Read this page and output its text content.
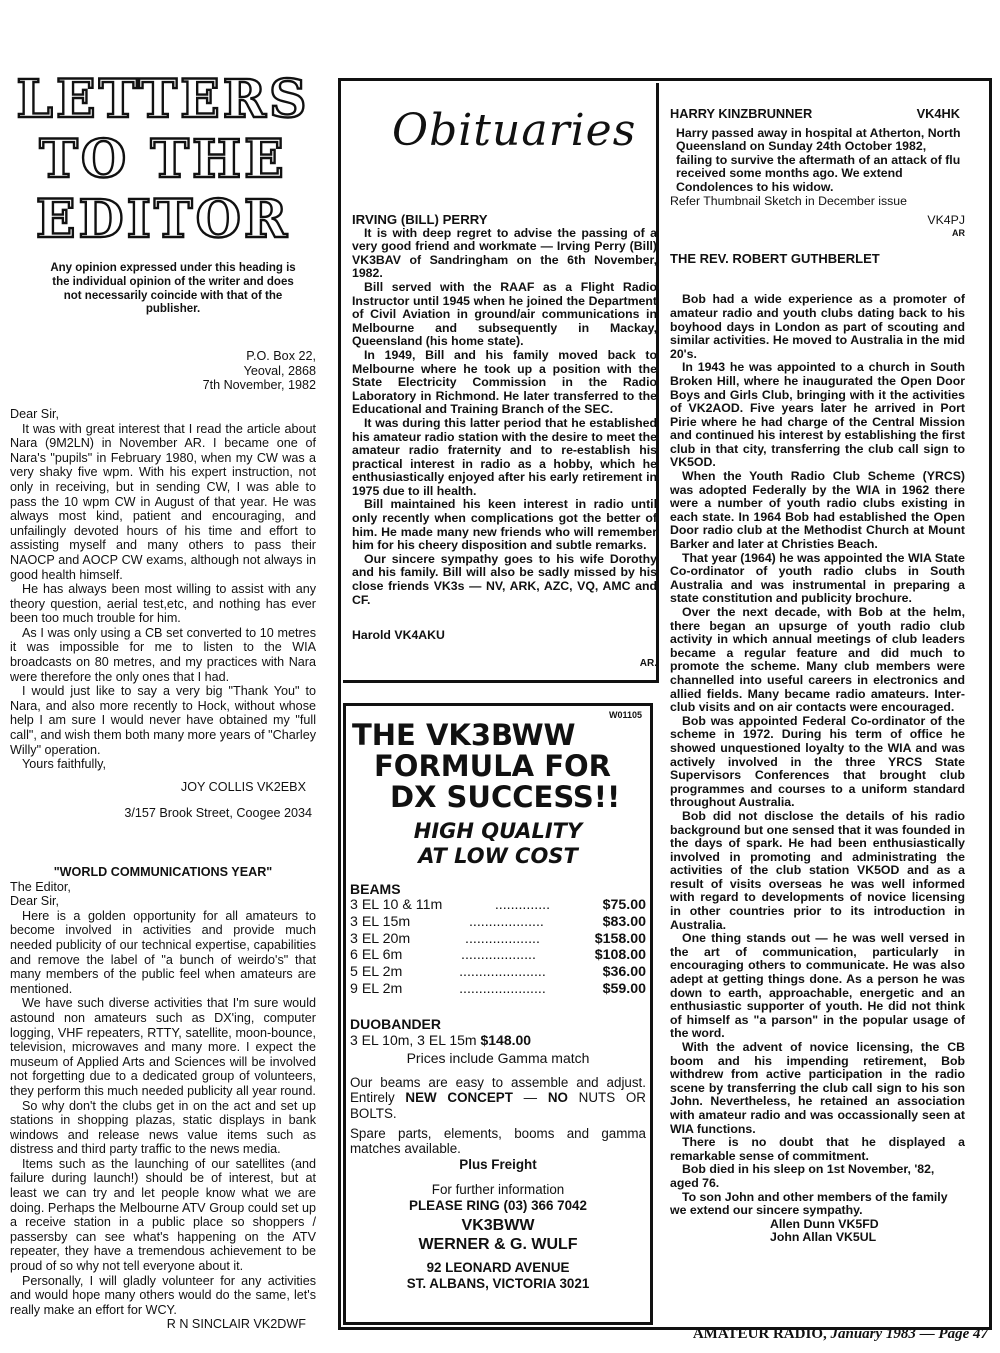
LETTERS
TO THE
EDITOR

Any opinion expressed under this heading is the individual opinion of the writer and does not necessarily coincide with that of the publisher.

P.O. Box 22,
Yeoval, 2868
7th November, 1982

Dear Sir,

It was with great interest that I read the article about Nara (9M2LN) in November AR. I became one of Nara's "pupils" in February 1980, when my CW was a very shaky five wpm. With his expert instruction, not only in receiving, but in sending CW, I was able to pass the 10 wpm CW in August of that year. He was always most kind, patient and encouraging, and unfailingly devoted hours of his time and effort to assisting myself and many others to pass their NAOCP and AOCP CW exams, although not always in good health himself.

He has always been most willing to assist with any theory question, aerial test,etc, and nothing has ever been too much trouble for him.

As I was only using a CB set converted to 10 metres it was impossible for me to listen to the WIA broadcasts on 80 metres, and my practices with Nara were therefore the only ones that I had.

I would just like to say a very big "Thank You" to Nara, and also more recently to Hock, without whose help I am sure I would never have obtained my "full call", and wish them both many more years of "Charley Willy" operation.

Yours faithfully,

JOY COLLIS VK2EBX

3/157 Brook Street, Coogee 2034

"WORLD COMMUNICATIONS YEAR"

The Editor,

Dear Sir,

Here is a golden opportunity for all amateurs to become involved in activities and provide much needed publicity of our technical expertise, capabilities and remove the label of "a bunch of weirdo's" that many members of the public feel when amateurs are mentioned.

We have such diverse activities that I'm sure would astound non amateurs such as DX'ing, computer logging, VHF repeaters, RTTY, satellite, moon-bounce, television, microwaves and many more. I expect the museum of Applied Arts and Sciences will be involved not forgetting due to a dedicated group of volunteers, they perform this much needed publicity all year round.

So why don't the clubs get in on the act and set up stations in shopping plazas, static displays in bank windows and release news value items such as distress and third party traffic to the news media.

Items such as the launching of our satellites (and failure during launch!) should be of interest, but at least we can try and let people know what we are doing. Perhaps the Melbourne ATV Group could set up a receive station in a public place so shoppers / passersby can see what's happening on the ATV repeater, they have a tremendous achievement to be proud of so why not tell everyone about it.

Personally, I will gladly volunteer for any activities and would hope many others would do the same, let's really make an effort for WCY.

R N SINCLAIR VK2DWF

Obituaries

IRVING (BILL) PERRY

It is with deep regret to advise the passing of a very good friend and workmate — Irving Perry (Bill) VK3BAV of Sandringham on the 6th November, 1982.

Bill served with the RAAF as a Flight Radio Instructor until 1945 when he joined the Department of Civil Aviation in ground/air communications in Melbourne and subsequently in Mackay, Queensland (his home state).

In 1949, Bill and his family moved back to Melbourne where he took up a position with the State Electricity Commission in the Radio Laboratory in Richmond. He later transferred to the Educational and Training Branch of the SEC.

It was during this latter period that he established his amateur radio station with the desire to meet the amateur radio fraternity and to re-establish his practical interest in radio as a hobby, which he enthusiastically enjoyed after his early retirement in 1975 due to ill health.

Bill maintained his keen interest in radio until only recently when complications got the better of him. He made many new friends who will remember him for his cheery disposition and subtle remarks.

Our sincere sympathy goes to his wife Dorothy and his family. Bill will also be sadly missed by his close friends VK3s — NV, ARK, AZC, VQ, AMC and CF.

Harold VK4AKU

AR.

HARRY KINZBRUNNER	VK4HK

Harry passed away in hospital at Atherton, North Queensland on Sunday 24th October 1982, failing to survive the aftermath of an attack of flu received some months ago. We extend Condolences to his widow.

Refer Thumbnail Sketch in December issue

VK4PJ

AR

THE REV. ROBERT GUTHBERLET

Bob had a wide experience as a promoter of amateur radio and youth clubs dating back to his boyhood days in London as part of scouting and similar activities. He moved to Australia in the mid 20's.

In 1943 he was appointed to a church in South Broken Hill, where he inaugurated the Open Door Boys and Girls Club, bringing with it the activities of VK2AOD. Five years later he arrived in Port Pirie where he had charge of the Central Mission and continued his interest by establishing the first club in that city, transferring the club call sign to VK5OD.

When the Youth Radio Club Scheme (YRCS) was adopted Federally by the WIA in 1962 there were a number of youth radio clubs existing in each state. In 1964 Bob had established the Open Door radio club at the Methodist Church at Mount Barker and later at Christies Beach.

That year (1964) he was appointed the WIA State Co-ordinator of youth radio clubs in South Australia and was instrumental in preparing a state constitution and publicity brochure.

Over the next decade, with Bob at the helm, there began an upsurge of youth radio club activity in which annual meetings of club leaders became a regular feature and did much to promote the scheme. Many club members were channelled into useful careers in electronics and allied fields. Many became radio amateurs. Inter-club visits and on air contacts were encouraged.

Bob was appointed Federal Co-ordinator of the scheme in 1972. During his term of office he showed unquestioned loyalty to the WIA and was actively involved in the three YRCS State Supervisors Conferences that brought club programmes and courses to a uniform standard throughout Australia.

Bob did not disclose the details of his radio background but one sensed that it was founded in the days of spark. He had been enthusiastically involved in promoting and administrating the activities of the club station VK5OD and as a result of visits overseas he was well informed with regard to developments of novice licensing in other countries prior to its introduction in Australia.

One thing stands out — he was well versed in the art of communication, particularly in encouraging others to communicate. He was also adept at getting things done. As a person he was down to earth, approachable, energetic and an enthusiastic supporter of youth. He did not think of himself as "a parson" in the popular usage of the word.

With the advent of novice licensing, the CB boom and his impending retirement, Bob withdrew from active participation in the radio scene by transferring the club call sign to his son John. Nevertheless, he retained an association with amateur radio and was occassionally seen at WIA functions.

There is no doubt that he displayed a remarkable sense of commitment.

Bob died in his sleep on 1st November, '82, aged 76.

To son John and other members of the family we extend our sincere sympathy.

Allen Dunn VK5FD

John Allan VK5UL

W01105
THE VK3BWW
FORMULA FOR
DX SUCCESS!!
HIGH QUALITY
AT LOW COST
BEAMS
3 EL 10 & 11m	..............	$75.00
3 EL 15m	...................	$83.00
3 EL 20m	...................	$158.00
6 EL 6m	...................	$108.00
5 EL 2m	......................	$36.00
9 EL 2m	......................	$59.00
DUOBANDER
3 EL 10m, 3 EL 15m $148.00
Prices include Gamma match
Our beams are easy to assemble and adjust. Entirely NEW CONCEPT — NO NUTS OR BOLTS.
Spare parts, elements, booms and gamma matches available.
Plus Freight
For further information
PLEASE RING (03) 366 7042
VK3BWW
WERNER & G. WULF
92 LEONARD AVENUE
ST. ALBANS, VICTORIA 3021
AMATEUR RADIO, January 1983 — Page 47
